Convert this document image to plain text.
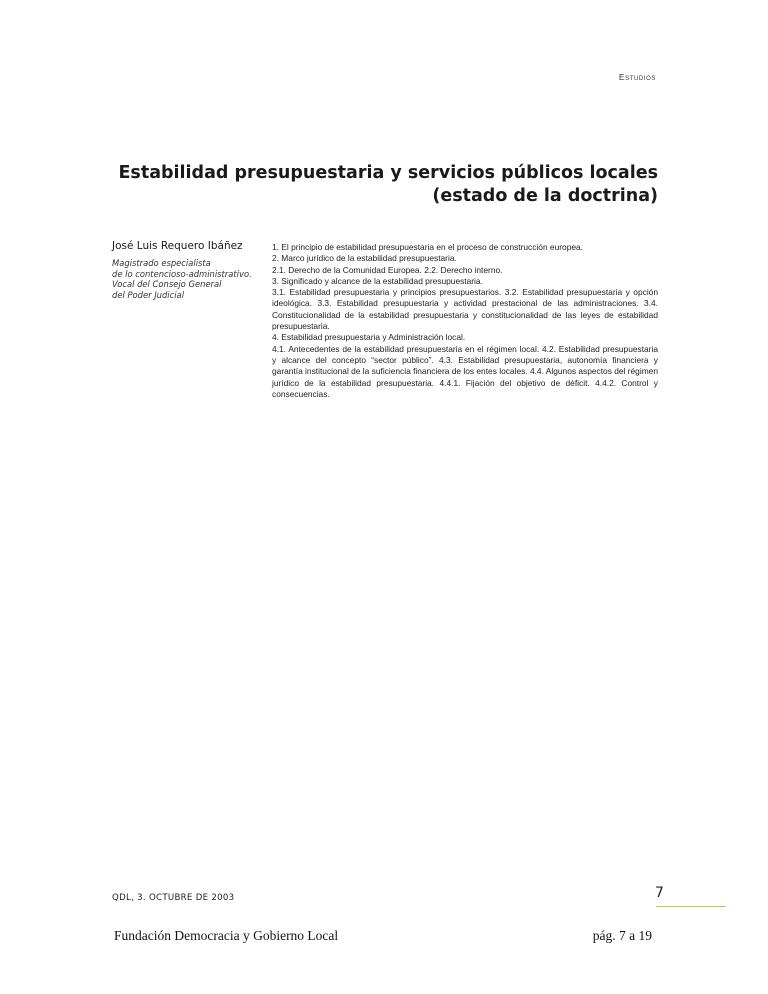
Estudios
Estabilidad presupuestaria y servicios públicos locales
(estado de la doctrina)
José Luis Requero Ibáñez
Magistrado especialista
de lo contencioso-administrativo.
Vocal del Consejo General
del Poder Judicial

1. El principio de estabilidad presupuestaria en el proceso de construcción europea.

2. Marco jurídico de la estabilidad presupuestaria.

2.1. Derecho de la Comunidad Europea. 2.2. Derecho interno.

3. Significado y alcance de la estabilidad presupuestaria.

3.1. Estabilidad presupuestaria y principios presupuestarios. 3.2. Estabilidad presupuestaria y opción ideológica. 3.3. Estabilidad presupuestaria y actividad prestacional de las administraciones. 3.4. Constitucionalidad de la estabilidad presupuestaria y constitucionalidad de las leyes de estabilidad presupuestaria.

4. Estabilidad presupuestaria y Administración local.

4.1. Antecedentes de la estabilidad presupuestaria en el régimen local. 4.2. Estabilidad presupuestaria y alcance del concepto “sector público”. 4.3. Estabilidad presupuestaria, autonomía financiera y garantía institucional de la suficiencia financiera de los entes locales. 4.4. Algunos aspectos del régimen jurídico de la estabilidad presupuestaria. 4.4.1. Fijación del objetivo de déficit. 4.4.2. Control y consecuencias.

QDL, 3. OCTUBRE DE 2003	7
Fundación Democracia y Gobierno Local	pág. 7 a 19
